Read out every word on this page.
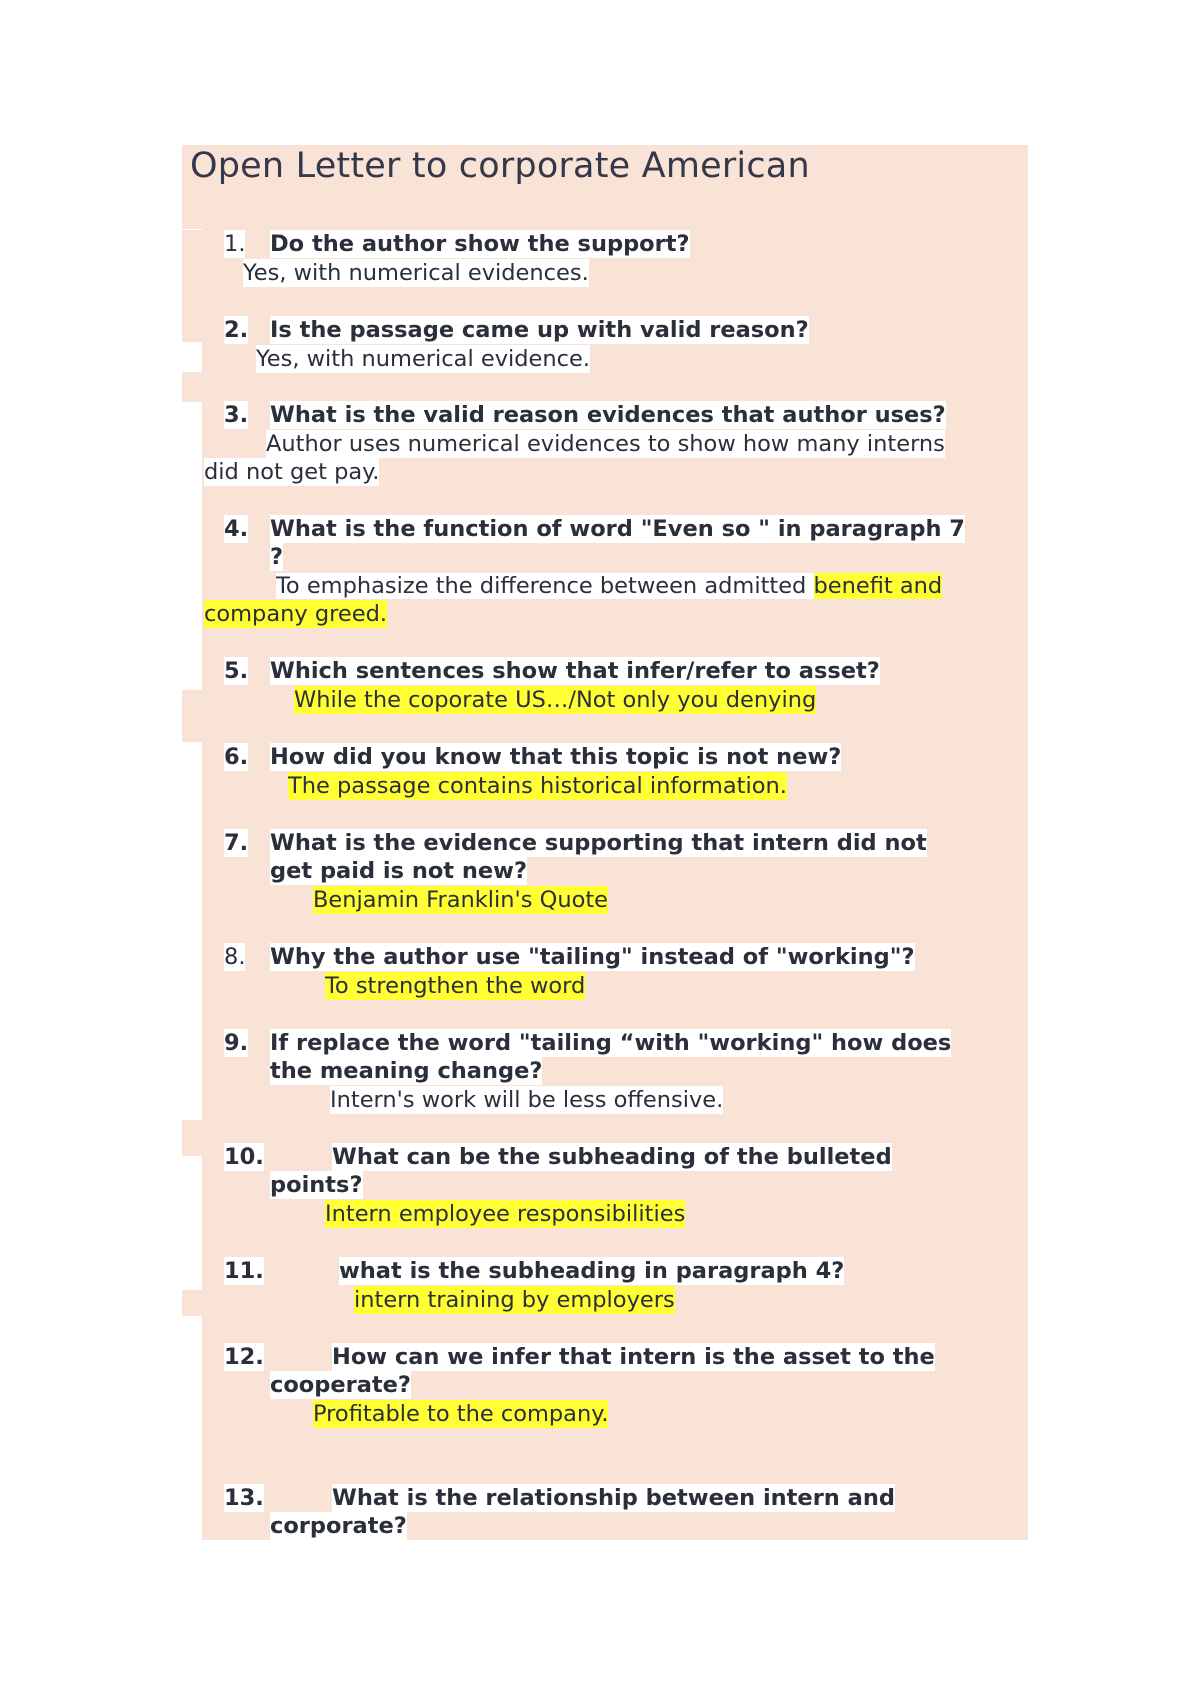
Open Letter to corporate American
1. Do the author show the support?
Yes, with numerical evidences.
2. Is the passage came up with valid reason?
Yes, with numerical evidence.
3. What is the valid reason evidences that author uses?
Author uses numerical evidences to show how many interns
did not get pay.
4. What is the function of word "Even so " in paragraph 7
?
To emphasize the difference between admitted benefit and
company greed.
5. Which sentences show that infer/refer to asset?
While the coporate US…/Not only you denying
6. How did you know that this topic is not new?
The passage contains historical information.
7. What is the evidence supporting that intern did not
get paid is not new?
Benjamin Franklin's Quote
8. Why the author use "tailing" instead of "working"?
To strengthen the word
9. If replace the word "tailing “with "working" how does
the meaning change?
Intern's work will be less offensive.
10.	What can be the subheading of the bulleted
points?
Intern employee responsibilities
11.	what is the subheading in paragraph 4?
intern training by employers
12.	How can we infer that intern is the asset to the
cooperate?
Profitable to the company.
13.	What is the relationship between intern and
corporate?
